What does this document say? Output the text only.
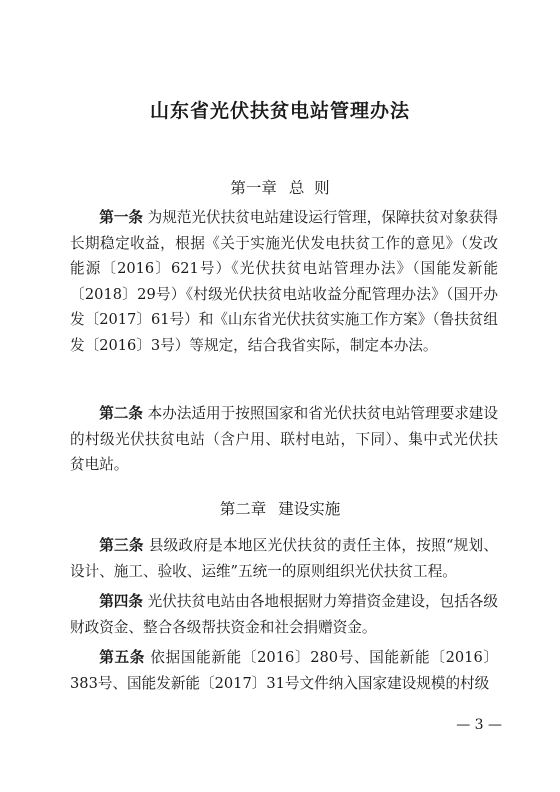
山东省光伏扶贫电站管理办法
第一章 总  则

第一条 为规范光伏扶贫电站建设运行管理，保障扶贫对象获得长期稳定收益，根据《关于实施光伏发电扶贫工作的意见》（发改能源〔2016〕621号）《光伏扶贫电站管理办法》（国能发新能〔2018〕29号）《村级光伏扶贫电站收益分配管理办法》（国开办发〔2017〕61号）和《山东省光伏扶贫实施工作方案》（鲁扶贫组发〔2016〕3号）等规定，结合我省实际，制定本办法。

第二条 本办法适用于按照国家和省光伏扶贫电站管理要求建设的村级光伏扶贫电站（含户用、联村电站，下同）、集中式光伏扶贫电站。

第二章 建设实施

第三条 县级政府是本地区光伏扶贫的责任主体，按照“规划、设计、施工、验收、运维”五统一的原则组织光伏扶贫工程。

第四条 光伏扶贫电站由各地根据财力筹措资金建设，包括各级财政资金、整合各级帮扶资金和社会捐赠资金。

第五条 依据国能新能〔2016〕280号、国能新能〔2016〕383号、国能发新能〔2017〕31号文件纳入国家建设规模的村级

— 3 —
